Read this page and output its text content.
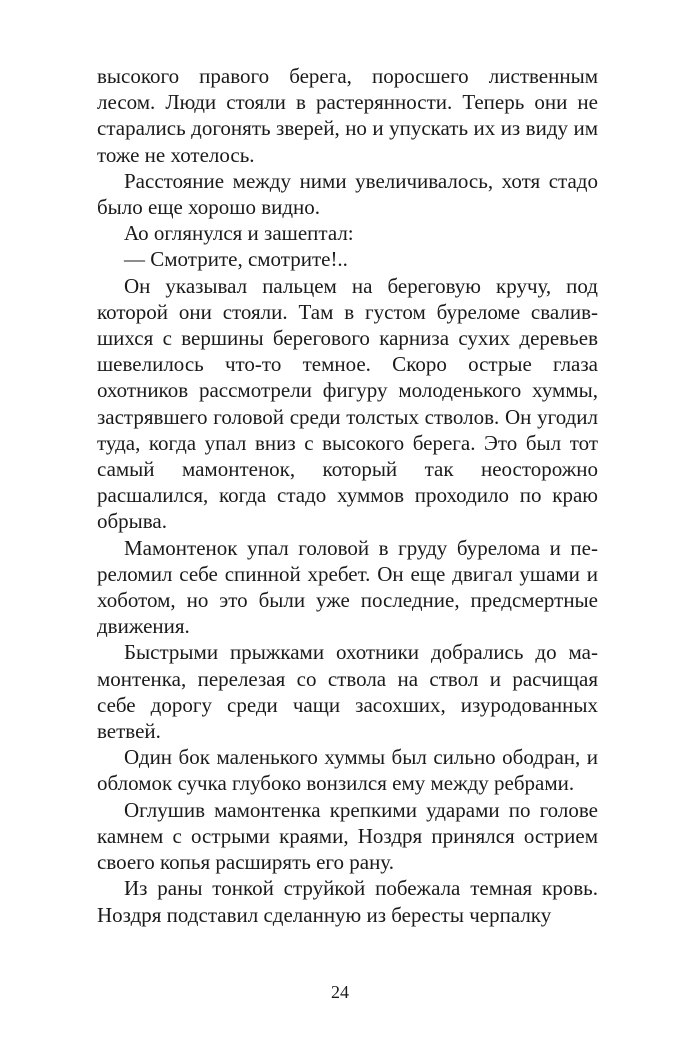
высокого правого берега, поросшего лиственным лесом. Люди стояли в растерянности. Теперь они не старались догонять зверей, но и упускать их из виду им тоже не хотелось.

Расстояние между ними увеличивалось, хотя стадо было еще хорошо видно.

Ао оглянулся и зашептал:

— Смотрите, смотрите!..

Он указывал пальцем на береговую кручу, под которой они стояли. Там в густом буреломе свалившихся с вершины берегового карниза сухих деревьев шевелилось что-то темное. Скоро острые глаза охотников рассмотрели фигуру молоденького хуммы, застрявшего головой среди толстых стволов. Он угодил туда, когда упал вниз с высокого берега. Это был тот самый мамонтенок, который так неосторожно расшалился, когда стадо хуммов проходило по краю обрыва.

Мамонтенок упал головой в груду бурелома и переломил себе спинной хребет. Он еще двигал ушами и хоботом, но это были уже последние, предсмертные движения.

Быстрыми прыжками охотники добрались до мамонтенка, перелезая со ствола на ствол и расчищая себе дорогу среди чащи засохших, изуродованных ветвей.

Один бок маленького хуммы был сильно ободран, и обломок сучка глубоко вонзился ему между ребрами.

Оглушив мамонтенка крепкими ударами по голове камнем с острыми краями, Ноздря принялся острием своего копья расширять его рану.

Из раны тонкой струйкой побежала темная кровь. Ноздря подставил сделанную из бересты черпалку

24
